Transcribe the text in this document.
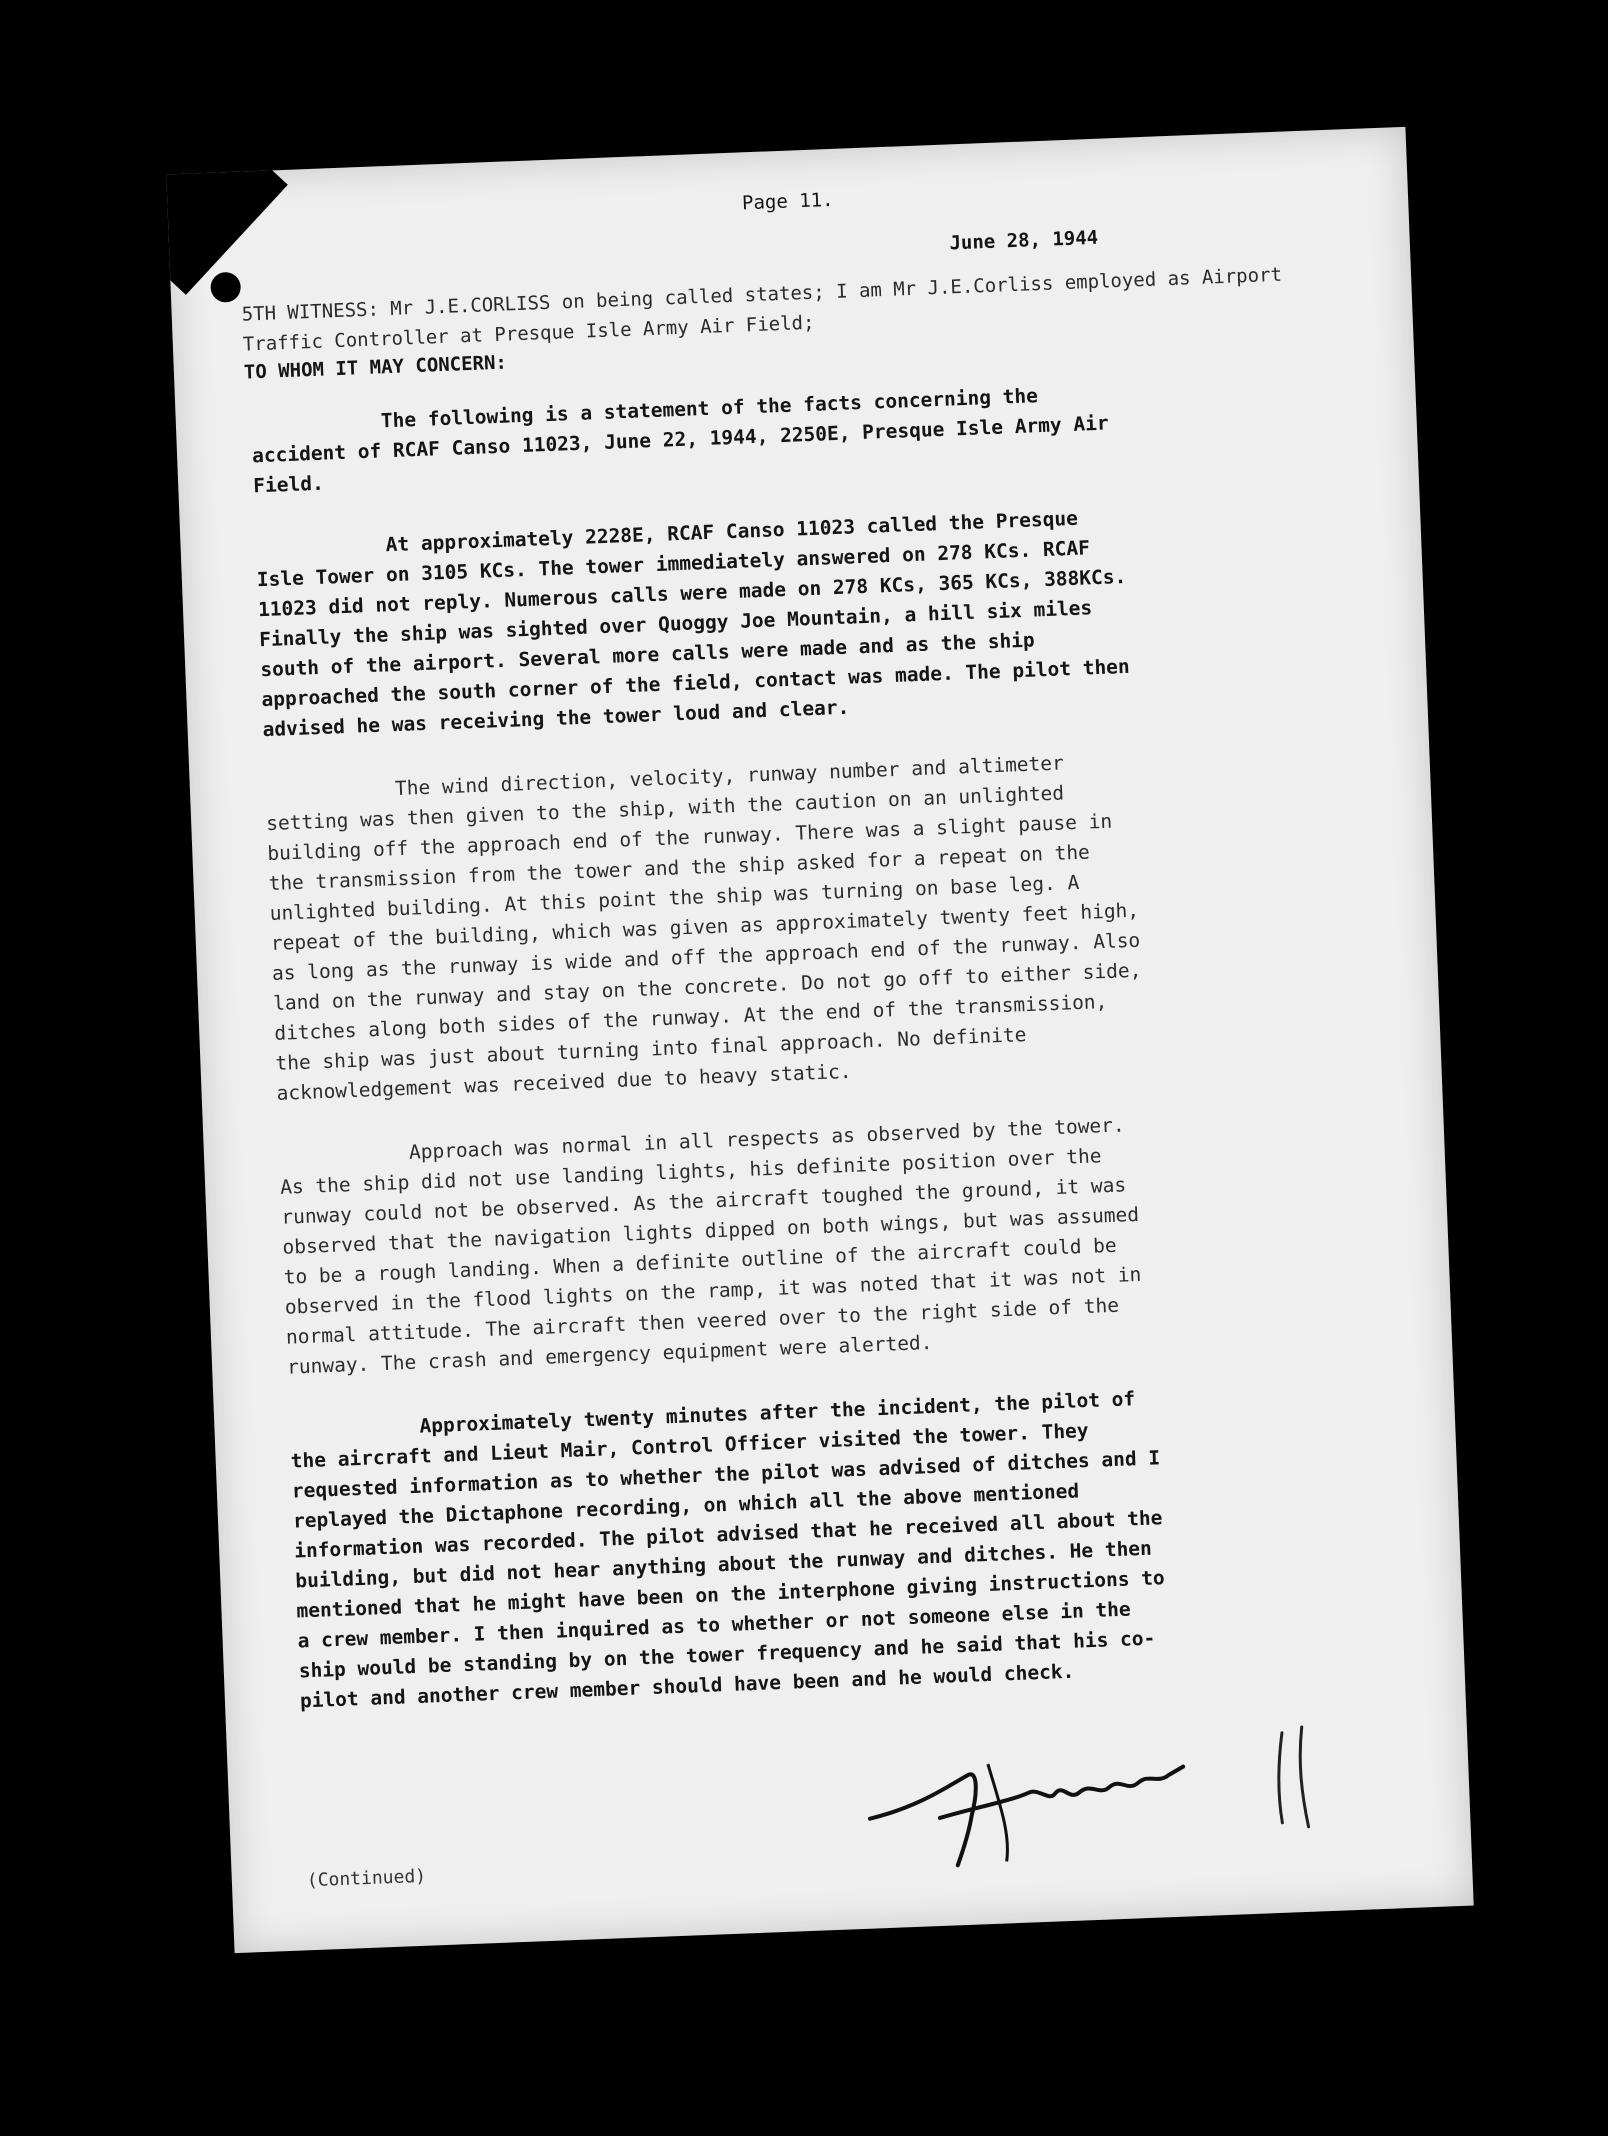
Page 11.
June 28, 1944
5TH WITNESS: Mr J.E.CORLISS on being called states; I am Mr J.E.Corliss employed as Airport Traffic Controller at Presque Isle Army Air Field;
TO WHOM IT MAY CONCERN:

The following is a statement of the facts concerning the accident of RCAF Canso 11023, June 22, 1944, 2250E, Presque Isle Army Air Field.

At approximately 2228E, RCAF Canso 11023 called the Presque Isle Tower on 3105 KCs. The tower immediately answered on 278 KCs. RCAF 11023 did not reply. Numerous calls were made on 278 KCs, 365 KCs, 388KCs. Finally the ship was sighted over Quoggy Joe Mountain, a hill six miles south of the airport. Several more calls were made and as the ship approached the south corner of the field, contact was made. The pilot then advised he was receiving the tower loud and clear.

The wind direction, velocity, runway number and altimeter setting was then given to the ship, with the caution on an unlighted building off the approach end of the runway. There was a slight pause in the transmission from the tower and the ship asked for a repeat on the unlighted building. At this point the ship was turning on base leg. A repeat of the building, which was given as approximately twenty feet high, as long as the runway is wide and off the approach end of the runway. Also land on the runway and stay on the concrete. Do not go off to either side, ditches along both sides of the runway. At the end of the transmission, the ship was just about turning into final approach. No definite acknowledgement was received due to heavy static.

Approach was normal in all respects as observed by the tower. As the ship did not use landing lights, his definite position over the runway could not be observed. As the aircraft toughed the ground, it was observed that the navigation lights dipped on both wings, but was assumed to be a rough landing. When a definite outline of the aircraft could be observed in the flood lights on the ramp, it was noted that it was not in normal attitude. The aircraft then veered over to the right side of the runway. The crash and emergency equipment were alerted.

Approximately twenty minutes after the incident, the pilot of the aircraft and Lieut Mair, Control Officer visited the tower. They requested information as to whether the pilot was advised of ditches and I replayed the Dictaphone recording, on which all the above mentioned information was recorded. The pilot advised that he received all about the building, but did not hear anything about the runway and ditches. He then mentioned that he might have been on the interphone giving instructions to a crew member. I then inquired as to whether or not someone else in the ship would be standing by on the tower frequency and he said that his co-pilot and another crew member should have been and he would check.

(Continued)
